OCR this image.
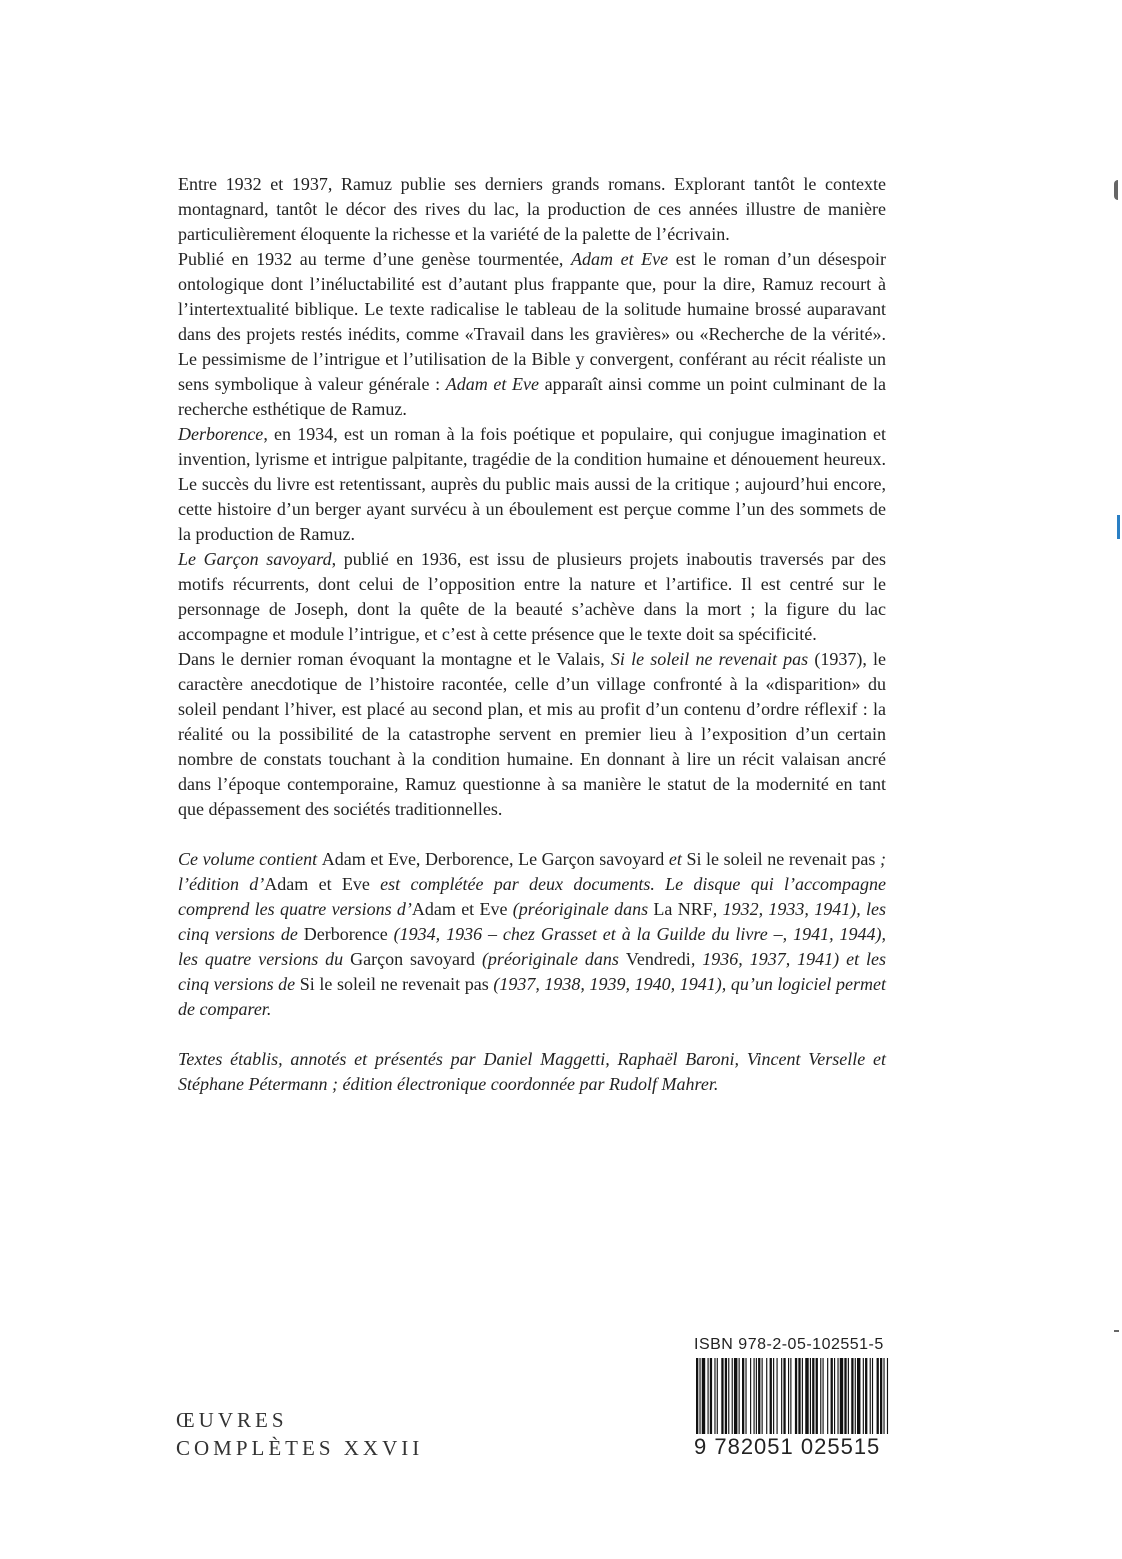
Entre 1932 et 1937, Ramuz publie ses derniers grands romans. Explorant tantôt le contexte montagnard, tantôt le décor des rives du lac, la production de ces années illustre de manière particulièrement éloquente la richesse et la variété de la palette de l’écrivain.

Publié en 1932 au terme d’une genèse tourmentée, Adam et Eve est le roman d’un désespoir ontologique dont l’inéluctabilité est d’autant plus frappante que, pour la dire, Ramuz recourt à l’intertextualité biblique. Le texte radicalise le tableau de la solitude humaine brossé auparavant dans des projets restés inédits, comme «Travail dans les gravières» ou «Recherche de la vérité». Le pessimisme de l’intrigue et l’utilisation de la Bible y convergent, conférant au récit réaliste un sens symbolique à valeur générale : Adam et Eve apparaît ainsi comme un point culminant de la recherche esthétique de Ramuz.

Derborence, en 1934, est un roman à la fois poétique et populaire, qui conjugue imagination et invention, lyrisme et intrigue palpitante, tragédie de la condition humaine et dénouement heureux. Le succès du livre est retentissant, auprès du public mais aussi de la critique ; aujourd’hui encore, cette histoire d’un berger ayant survécu à un éboulement est perçue comme l’un des sommets de la production de Ramuz.

Le Garçon savoyard, publié en 1936, est issu de plusieurs projets inaboutis traversés par des motifs récurrents, dont celui de l’opposition entre la nature et l’artifice. Il est centré sur le personnage de Joseph, dont la quête de la beauté s’achève dans la mort ; la figure du lac accompagne et module l’intrigue, et c’est à cette présence que le texte doit sa spécificité.

Dans le dernier roman évoquant la montagne et le Valais, Si le soleil ne revenait pas (1937), le caractère anecdotique de l’histoire racontée, celle d’un village confronté à la «disparition» du soleil pendant l’hiver, est placé au second plan, et mis au profit d’un contenu d’ordre réflexif : la réalité ou la possibilité de la catastrophe servent en premier lieu à l’exposition d’un certain nombre de constats touchant à la condition humaine. En donnant à lire un récit valaisan ancré dans l’époque contemporaine, Ramuz questionne à sa manière le statut de la modernité en tant que dépassement des sociétés traditionnelles.

Ce volume contient Adam et Eve, Derborence, Le Garçon savoyard et Si le soleil ne revenait pas ; l’édition d’Adam et Eve est complétée par deux documents. Le disque qui l’accompagne comprend les quatre versions d’Adam et Eve (préoriginale dans La NRF, 1932, 1933, 1941), les cinq versions de Derborence (1934, 1936 – chez Grasset et à la Guilde du livre –, 1941, 1944), les quatre versions du Garçon savoyard (préoriginale dans Vendredi, 1936, 1937, 1941) et les cinq versions de Si le soleil ne revenait pas (1937, 1938, 1939, 1940, 1941), qu’un logiciel permet de comparer.

Textes établis, annotés et présentés par Daniel Maggetti, Raphaël Baroni, Vincent Verselle et Stéphane Pétermann ; édition électronique coordonnée par Rudolf Mahrer.

ISBN 978-2-05-102551-5
9 782051 025515
ŒUVRES
COMPLÈTES XXVII
